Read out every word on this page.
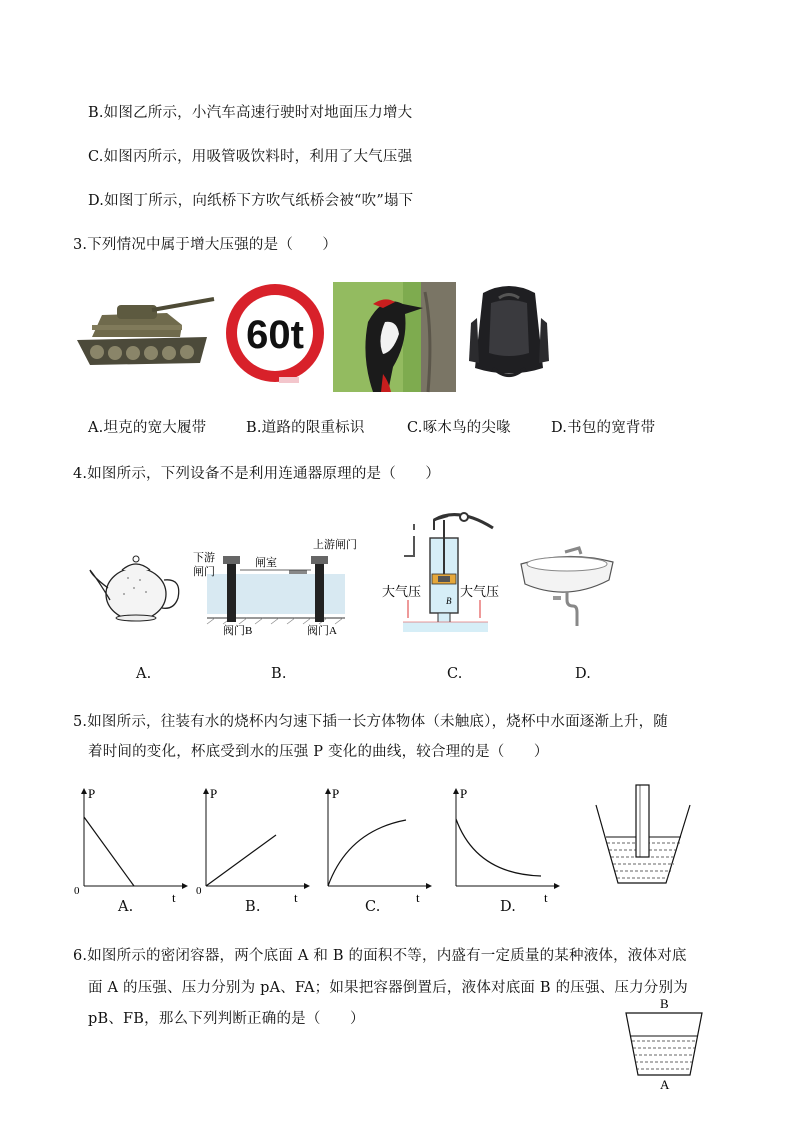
B.如图乙所示，小汽车高速行驶时对地面压力增大
C.如图丙所示，用吸管吸饮料时，利用了大气压强
D.如图丁所示，向纸桥下方吹气纸桥会被“吹”塌下
3.下列情况中属于增大压强的是（　　）
60t
A.坦克的宽大履带	B.道路的限重标识	C.啄木鸟的尖喙	D.书包的宽背带
4.如图所示，下列设备不是利用连通器原理的是（　　）
下游
闸门
闸室
上游闸门
阀门B	阀门A
大气压	大气压
B
A.	B.	C.	D.
5.如图所示，往装有水的烧杯内匀速下插一长方体物体（未触底），烧杯中水面逐渐上升，随
着时间的变化，杯底受到水的压强 P 变化的曲线，较合理的是（　　）
P
0	t
P
0	t
P
t
P
t
A.	B.	C.	D.
6.如图所示的密闭容器，两个底面 A 和 B 的面积不等，内盛有一定质量的某种液体，液体对底
面 A 的压强、压力分别为 pA、FA；如果把容器倒置后，液体对底面 B 的压强、压力分别为
pB、FB，那么下列判断正确的是（　　）
B
A
